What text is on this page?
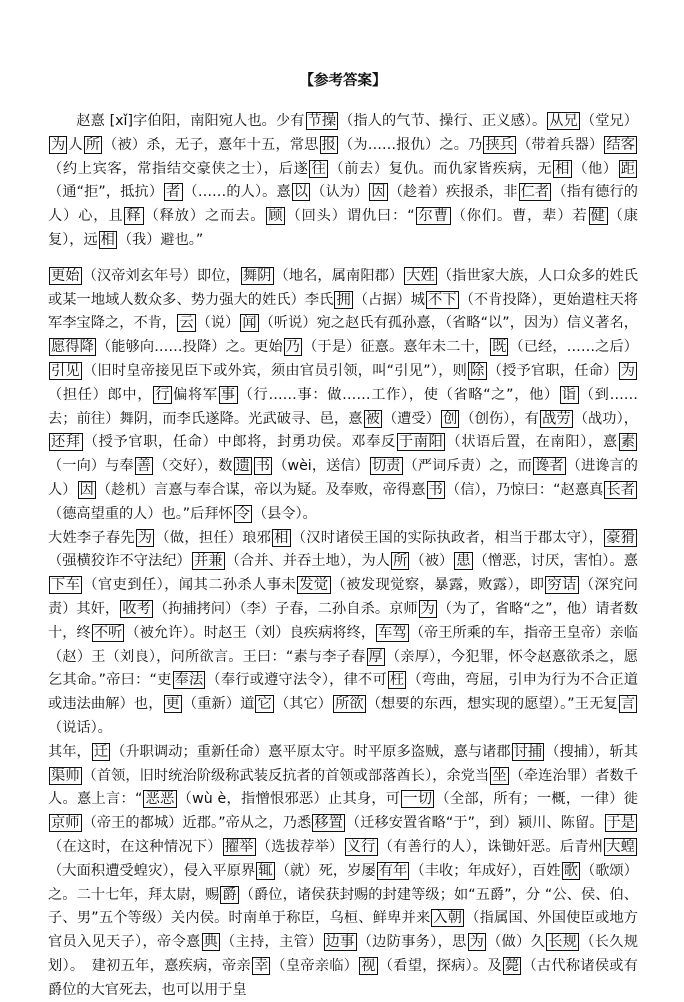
【参考答案】

赵憙 [xǐ]字伯阳，南阳宛人也。少有 节操 （指人的气节、操行、正义感）。 从兄 （堂兄）为 人 所 （被）杀，无子，憙年十五，常思 报 （为……报仇）之。乃 挟兵 （带着兵器） 结客（约上宾客，常指结交豪侠之士），后遂 往 （前去）复仇。而仇家皆疾病，无 相 （他） 距（通“拒”，抵抗） 者 （……的人）。憙 以 （认为） 因 （趁着）疾报杀，非 仁者 （指有德行的人）心，且 释 （释放）之而去。 顾 （回头）谓仇曰：“ 尔曹 （你们。曹，辈）若 健 （康复），远 相 （我）避也。”

更始 （汉帝刘玄年号）即位， 舞阴 （地名，属南阳郡） 大姓 （指世家大族，人口众多的姓氏或某一地域人数众多、势力强大的姓氏）李氏 拥 （占据）城 不下 （不肯投降），更始遣柱天将军李宝降之，不肯， 云 （说） 闻 （听说）宛之赵氏有孤孙憙，（省略“以”，因为）信义著名，愿得降 （能够向……投降）之。更始 乃 （于是）征憙。憙年未二十， 既 （已经，……之后）引见 （旧时皇帝接见臣下或外宾，须由官员引领，叫“引见”），则 除 （授予官职，任命） 为（担任）郎中， 行 偏将军 事 （行……事：做……工作），使（省略“之”，他） 诣 （到……去；前往）舞阴，而李氏遂降。光武破寻、邑，憙 被 （遭受） 创 （创伤），有 战劳 （战功），还拜 （授予官职，任命）中郎将，封勇功侯。邓奉反 于南阳 （状语后置，在南阳），憙 素（一向）与奉 善 （交好），数 遗 书 （wèi，送信） 切责 （严词斥责）之，而 谗者 （进谗言的人） 因 （趁机）言憙与奉合谋，帝以为疑。及奉败，帝得憙 书 （信），乃惊曰：“赵憙真 长者（德高望重的人）也。”后拜怀 令 （县令）。

大姓李子春先 为 （做，担任）琅邪 相 （汉时诸侯王国的实际执政者，相当于郡太守）， 豪猾（强横狡诈不守法纪） 并兼 （合并、并吞土地），为人 所 （被） 患 （憎恶，讨厌，害怕）。憙下车 （官吏到任），闻其二孙杀人事未 发觉 （被发现觉察，暴露，败露），即 穷诘 （深究问责）其奸， 收考 （拘捕拷问）（李）子春，二孙自杀。京师 为 （为了，省略“之”，他）请者数十，终 不听 （被允许）。时赵王（刘）良疾病将终， 车驾 （帝王所乘的车，指帝王皇帝）亲临（赵）王（刘良），问所欲言。王曰：“素与李子春 厚 （亲厚），今犯罪，怀令赵憙欲杀之，愿乞其命。”帝曰：“吏 奉法 （奉行或遵守法令），律不可 枉 （弯曲，弯屈，引申为行为不合正道或违法曲解）也， 更 （重新）道 它 （其它） 所欲 （想要的东西，想实现的愿望）。”王无复 言（说话）。

其年， 迁 （升职调动；重新任命）憙平原太守。时平原多盗贼，憙与诸郡 讨捕 （搜捕），斩其渠帅 （首领，旧时统治阶级称武装反抗者的首领或部落酋长），余党当 坐 （牵连治罪）者数千人。憙上言：“ 恶恶 （wù è，指憎恨邪恶）止其身，可 一切 （全部，所有；一概，一律）徙京师 （帝王的都城）近郡。”帝从之，乃悉 移置 （迁移安置省略“于”，到）颍川、陈留。 于是（在这时，在这种情况下） 擢举 （选拔荐举） 义行 （有善行的人），诛锄奸恶。后青州 大蝗（大面积遭受蝗灾），侵入平原界 辄 （就）死，岁屡 有年 （丰收；年成好），百姓 歌 （歌颂）之。二十七年，拜太尉，赐 爵 （爵位，诸侯获封赐的封建等级；如“五爵”，分 “公、侯、伯、子、男”五个等级）关内侯。时南单于称臣，乌桓、鲜卑并来 入朝 （指属国、外国使臣或地方官员入见天子），帝令憙 典 （主持，主管） 边事 （边防事务），思 为 （做）久 长规 （长久规划）。　建初五年，憙疾病，帝亲 幸 （皇帝亲临） 视 （看望，探病）。及 薨 （古代称诸侯或有爵位的大官死去，也可以用于皇
